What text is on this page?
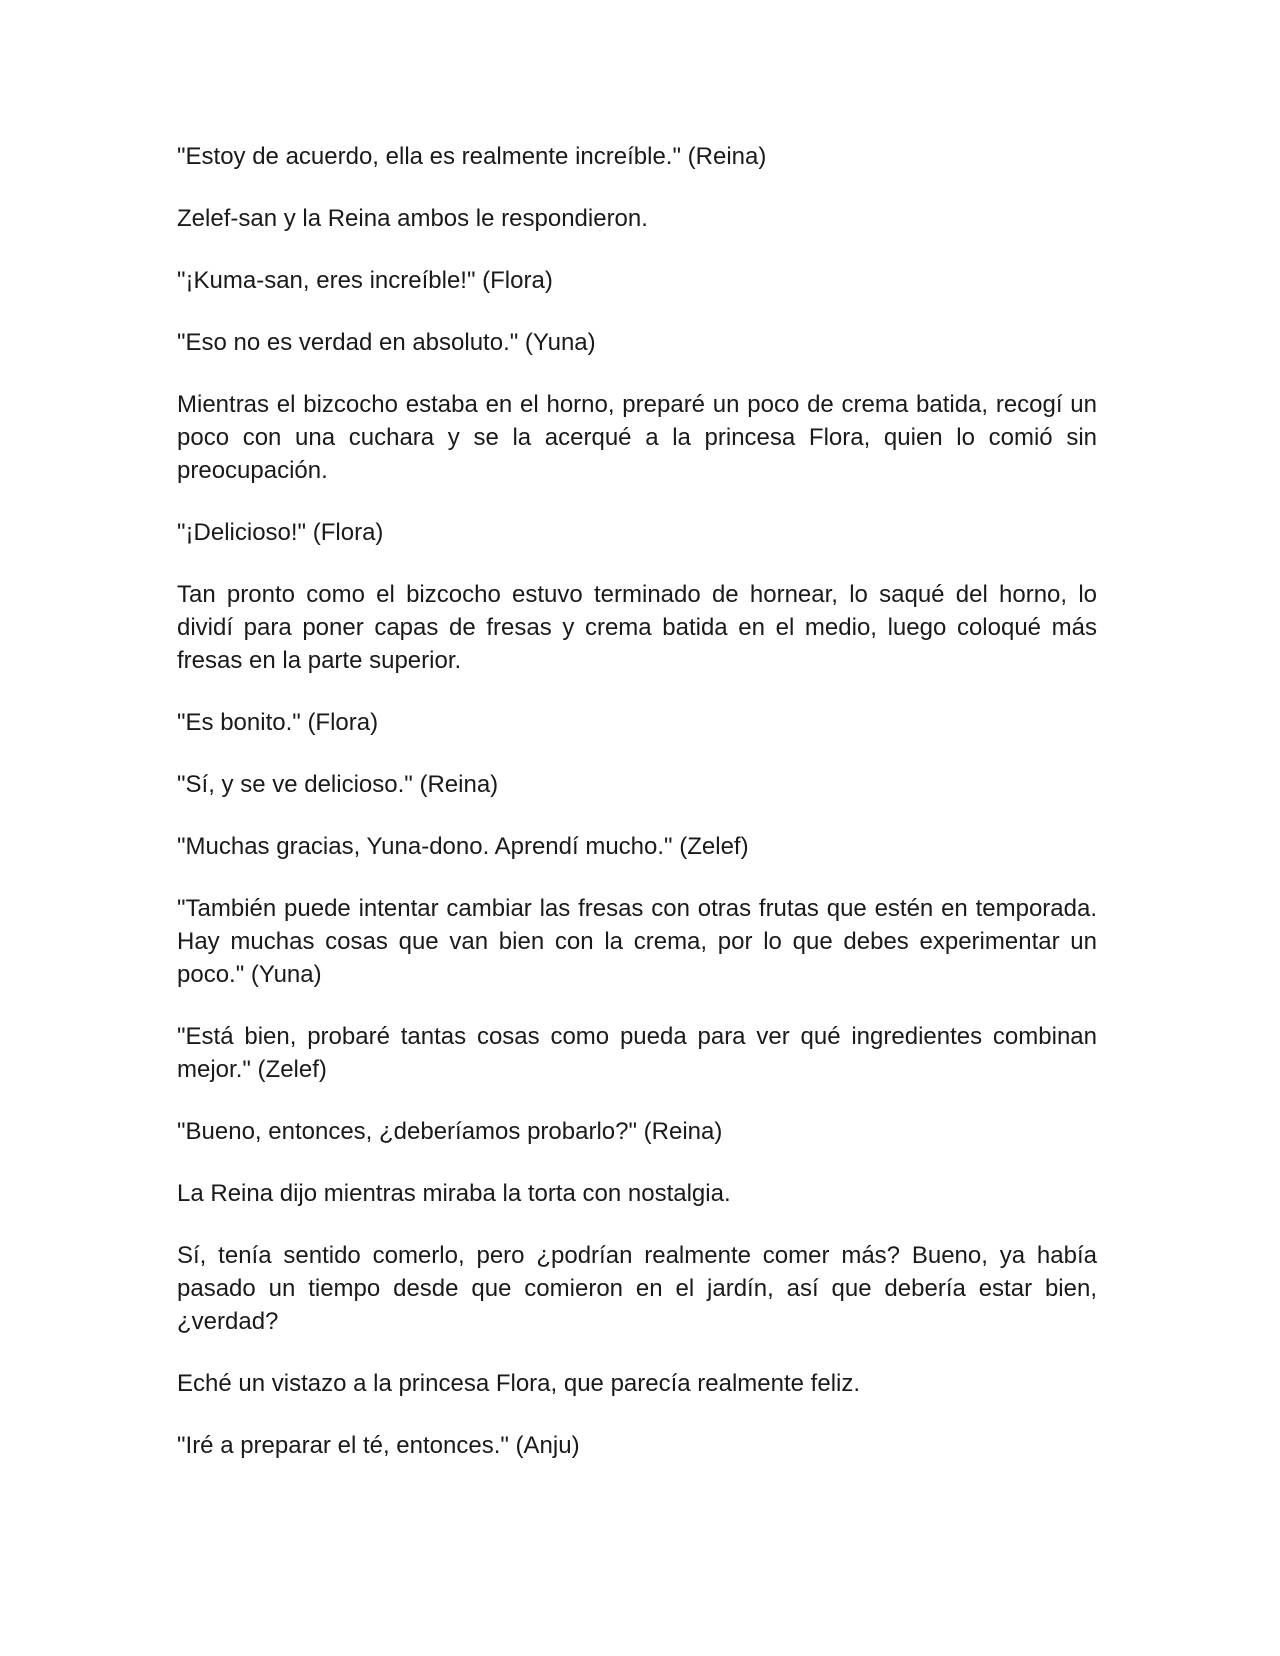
"Estoy de acuerdo, ella es realmente increíble." (Reina)

Zelef-san y la Reina ambos le respondieron.

"¡Kuma-san, eres increíble!" (Flora)

"Eso no es verdad en absoluto." (Yuna)

Mientras el bizcocho estaba en el horno, preparé un poco de crema batida, recogí un poco con una cuchara y se la acerqué a la princesa Flora, quien lo comió sin preocupación.

"¡Delicioso!" (Flora)

Tan pronto como el bizcocho estuvo terminado de hornear, lo saqué del horno, lo dividí para poner capas de fresas y crema batida en el medio, luego coloqué más fresas en la parte superior.

"Es bonito." (Flora)

"Sí, y se ve delicioso." (Reina)

"Muchas gracias, Yuna-dono. Aprendí mucho." (Zelef)

"También puede intentar cambiar las fresas con otras frutas que estén en temporada. Hay muchas cosas que van bien con la crema, por lo que debes experimentar un poco." (Yuna)

"Está bien, probaré tantas cosas como pueda para ver qué ingredientes combinan mejor." (Zelef)

"Bueno, entonces, ¿deberíamos probarlo?" (Reina)

La Reina dijo mientras miraba la torta con nostalgia.

Sí, tenía sentido comerlo, pero ¿podrían realmente comer más? Bueno, ya había pasado un tiempo desde que comieron en el jardín, así que debería estar bien, ¿verdad?

Eché un vistazo a la princesa Flora, que parecía realmente feliz.

"Iré a preparar el té, entonces." (Anju)
